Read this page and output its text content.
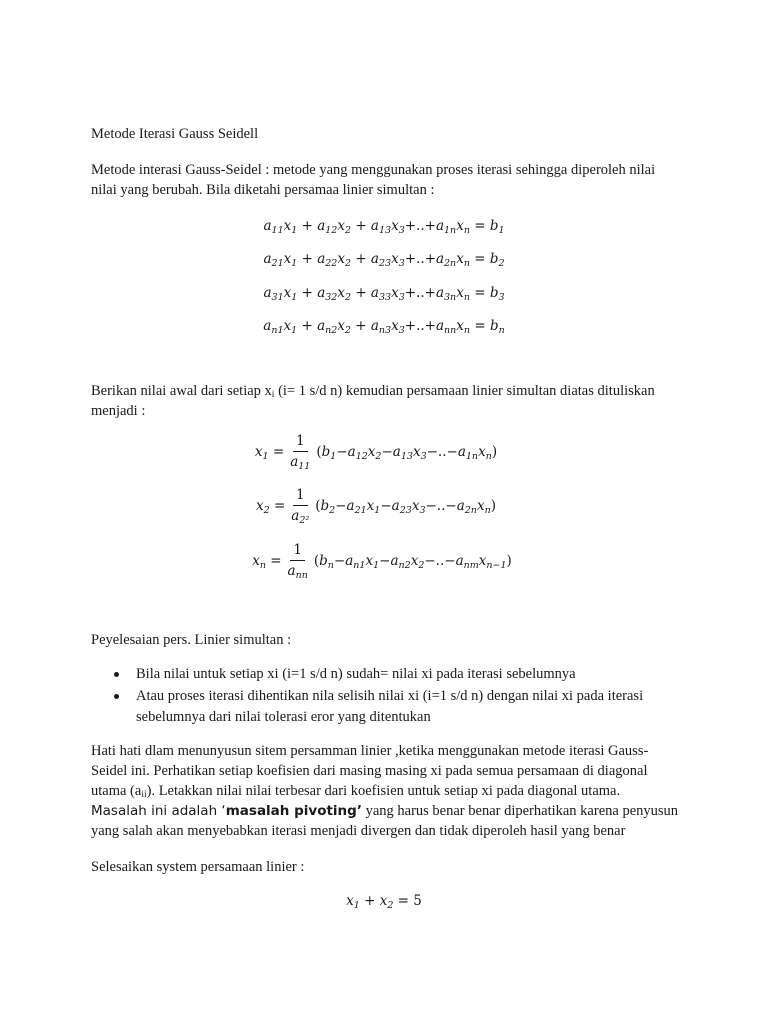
Metode Iterasi Gauss Seidell

Metode interasi Gauss-Seidel : metode yang menggunakan proses iterasi sehingga diperoleh nilai

nilai yang berubah. Bila diketahi persamaa linier simultan :

$a_{11}x_1 + a_{12}x_2 + a_{13}x_3+..+a_{1n}x_n = b_1$
$a_{21}x_1 + a_{22}x_2 + a_{23}x_3+..+a_{2n}x_n = b_2$
$a_{31}x_1 + a_{32}x_2 + a_{33}x_3+..+a_{3n}x_n = b_3$
$a_{n1}x_1 + a_{n2}x_2 + a_{n3}x_3+..+a_{nn}x_n = b_n$

Berikan nilai awal dari setiap xi (i= 1 s/d n) kemudian persamaan linier simultan diatas dituliskan

menjadi :

$x_1 = \frac{1}{a_{11}} (b_1-a_{12}x_2-a_{13}x_3-..-a_{1n}x_n)$
$x_2 = \frac{1}{a_{2^2}} (b_2-a_{21}x_1-a_{23}x_3-..-a_{2n}x_n)$
$x_n = \frac{1}{a_{nn}} (b_n-a_{n1}x_1-a_{n2}x_2-..-a_{nm}x_{n-1})$

Peyelesaian pers. Linier simultan :

Bila nilai untuk setiap xi (i=1 s/d n) sudah= nilai xi pada iterasi sebelumnya
Atau proses iterasi dihentikan nila selisih nilai xi (i=1 s/d n) dengan nilai xi pada iterasi sebelumnya dari nilai tolerasi eror yang ditentukan

Hati hati dlam menunyusun sitem persamman linier ,ketika menggunakan metode iterasi Gauss-

Seidel ini. Perhatikan setiap koefisien dari masing masing xi pada semua persamaan di diagonal

utama (aii). Letakkan nilai nilai terbesar dari koefisien untuk setiap xi pada diagonal utama.

Masalah ini adalah ‘masalah pivoting’ yang harus benar benar diperhatikan karena penyusun

yang salah akan menyebabkan iterasi menjadi divergen dan tidak diperoleh hasil yang benar

Selesaikan system persamaan linier :

$x_1 + x_2 = 5$
